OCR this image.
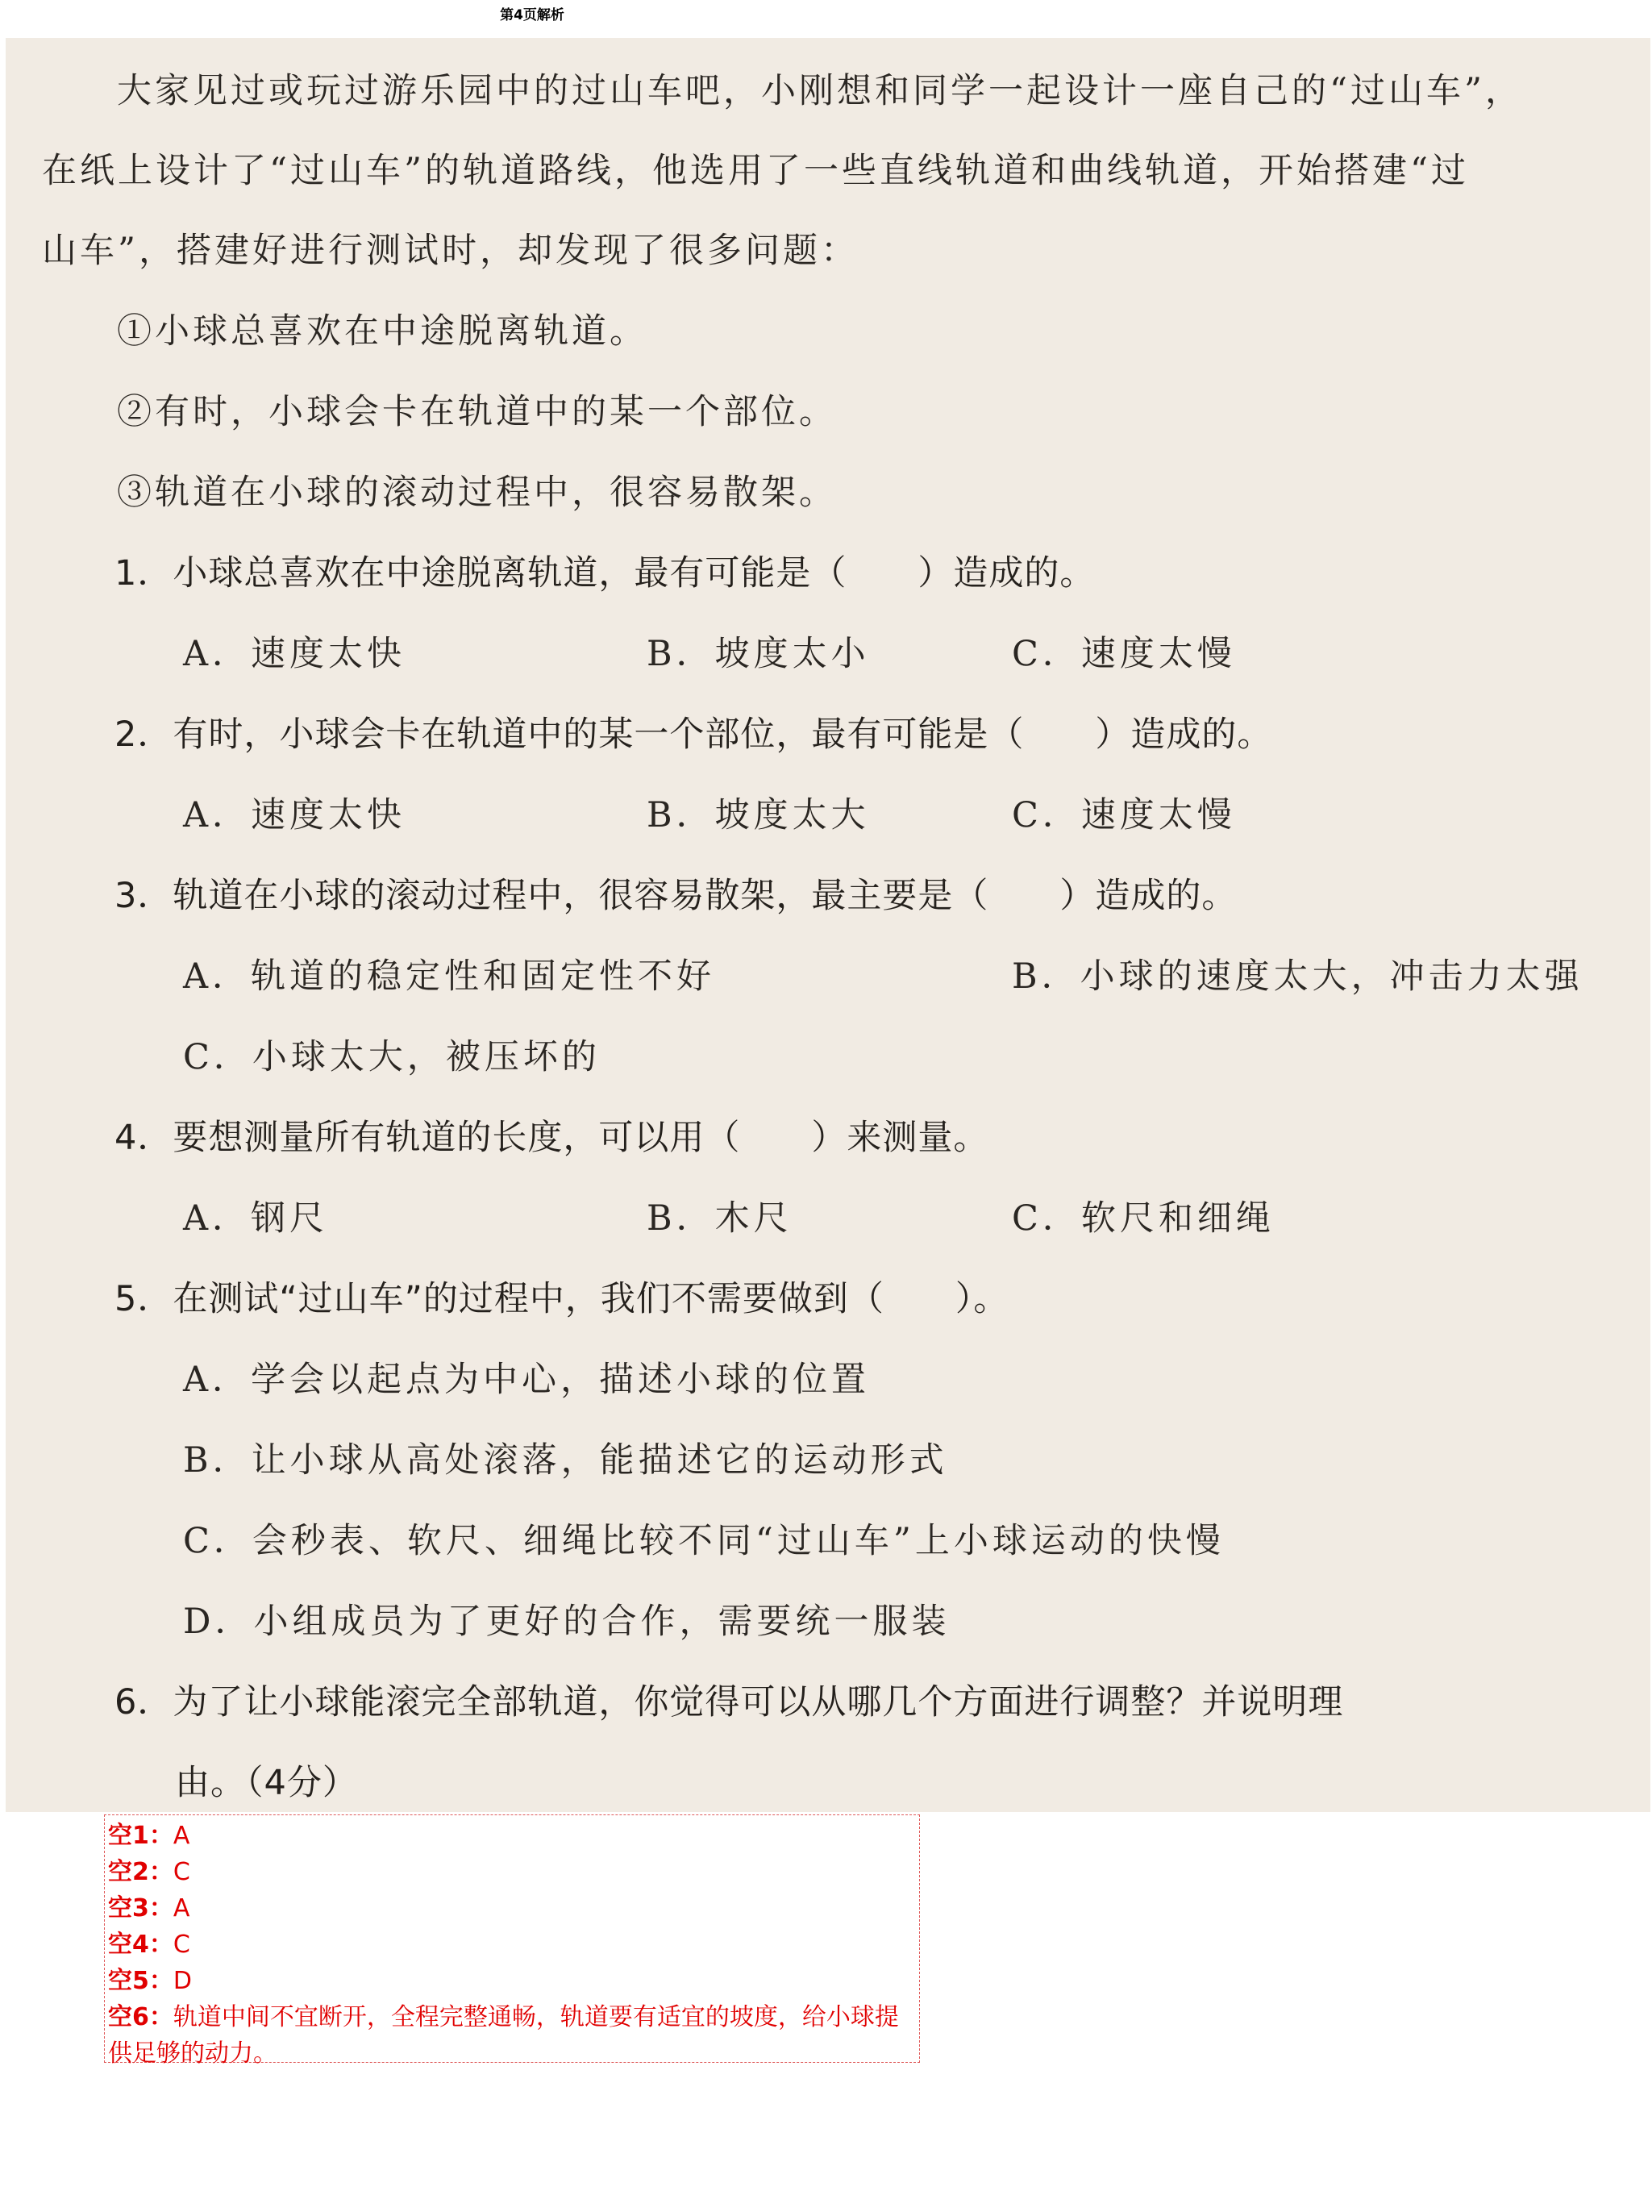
第4页解析
大家见过或玩过游乐园中的过山车吧，小刚想和同学一起设计一座自己的“过山车”，
在纸上设计了“过山车”的轨道路线，他选用了一些直线轨道和曲线轨道，开始搭建“过
山车”，搭建好进行测试时，却发现了很多问题：
①小球总喜欢在中途脱离轨道。
②有时，小球会卡在轨道中的某一个部位。
③轨道在小球的滚动过程中，很容易散架。
1．小球总喜欢在中途脱离轨道，最有可能是（　　）造成的。
A．速度太快	B．坡度太小	C．速度太慢
2．有时，小球会卡在轨道中的某一个部位，最有可能是（　　）造成的。
A．速度太快	B．坡度太大	C．速度太慢
3．轨道在小球的滚动过程中，很容易散架，最主要是（　　）造成的。
A．轨道的稳定性和固定性不好	B．小球的速度太大，冲击力太强
C．小球太大，被压坏的
4．要想测量所有轨道的长度，可以用（　　）来测量。
A．钢尺	B．木尺	C．软尺和细绳
5．在测试“过山车”的过程中，我们不需要做到（　　）。
A．学会以起点为中心，描述小球的位置
B．让小球从高处滚落，能描述它的运动形式
C．会秒表、软尺、细绳比较不同“过山车”上小球运动的快慢
D．小组成员为了更好的合作，需要统一服装
6．为了让小球能滚完全部轨道，你觉得可以从哪几个方面进行调整？并说明理
由。（4分）
空1：A
空2：C
空3：A
空4：C
空5：D
空6：轨道中间不宜断开，全程完整通畅，轨道要有适宜的坡度，给小球提供足够的动力。
